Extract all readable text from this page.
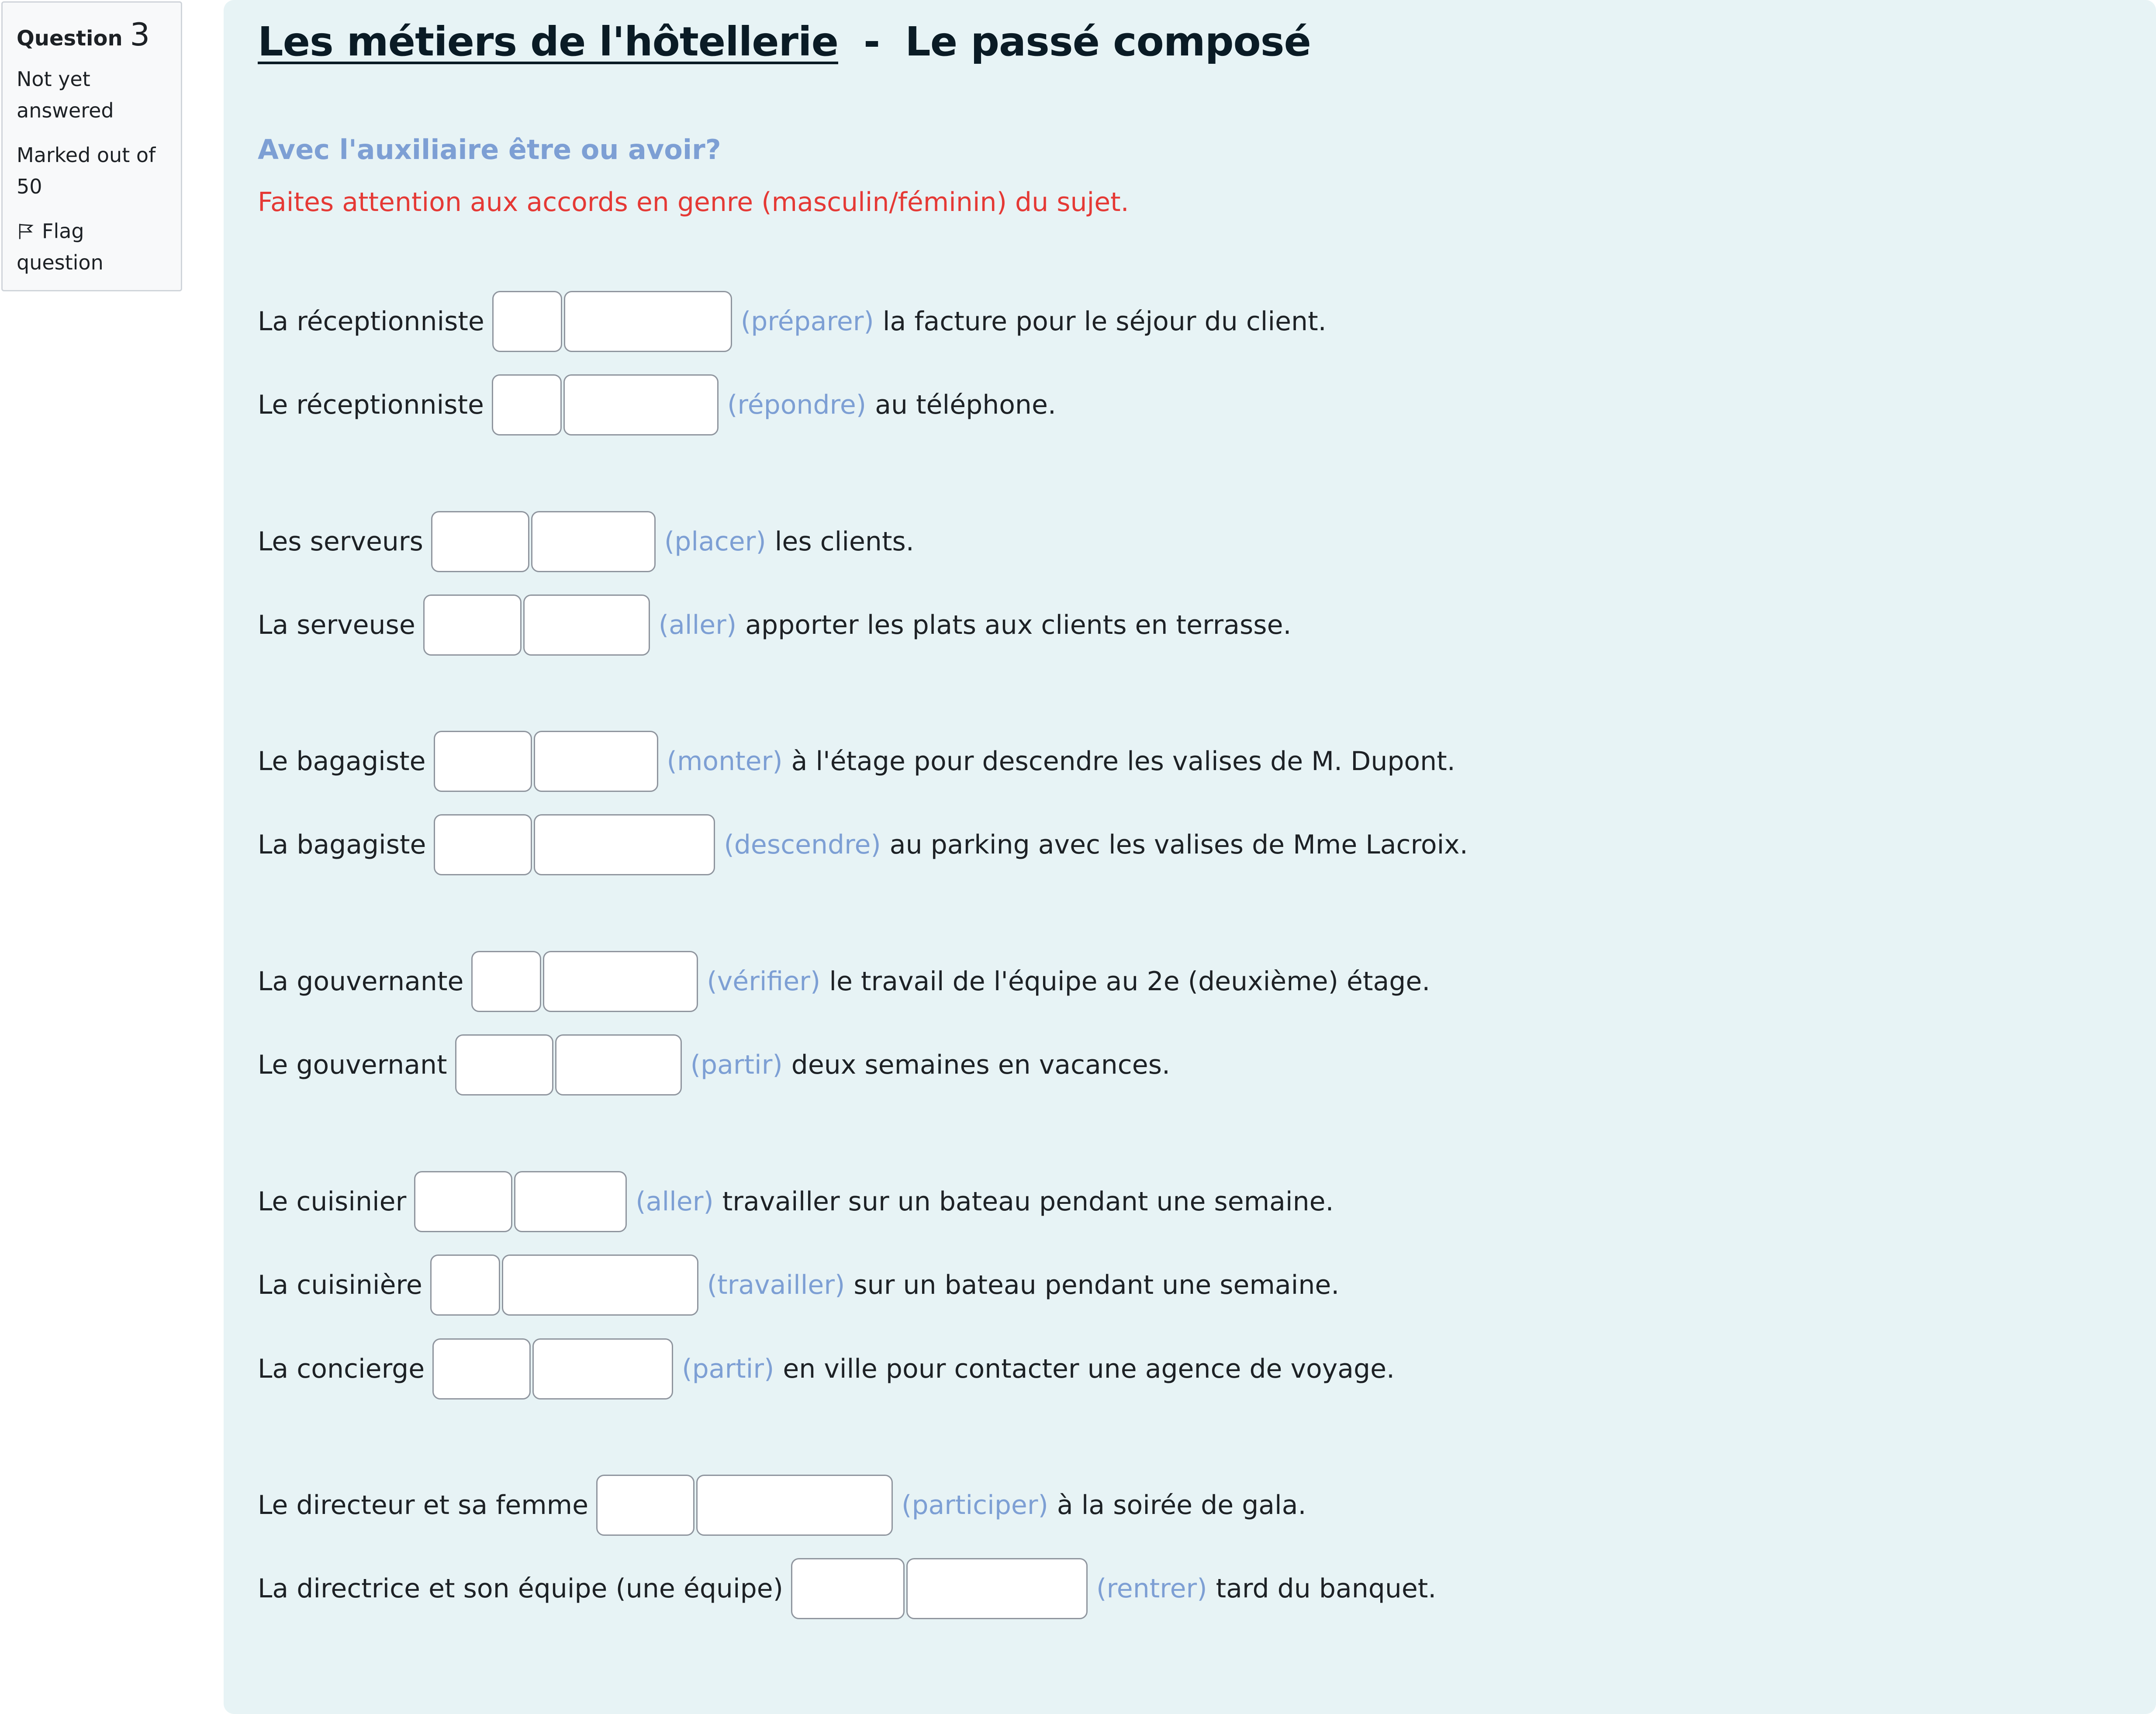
Question 3
Not yet answered
Marked out of 50
Flag question
Les métiers de l'hôtellerie - Le passé composé
Avec l'auxiliaire être ou avoir?
Faites attention aux accords en genre (masculin/féminin) du sujet.
La réceptionniste	(préparer) la facture pour le séjour du client.
Le réceptionniste	(répondre) au téléphone.
Les serveurs	(placer) les clients.
La serveuse	(aller) apporter les plats aux clients en terrasse.
Le bagagiste	(monter) à l'étage pour descendre les valises de M. Dupont.
La bagagiste	(descendre) au parking avec les valises de Mme Lacroix.
La gouvernante	(vérifier) le travail de l'équipe au 2e (deuxième) étage.
Le gouvernant	(partir) deux semaines en vacances.
Le cuisinier	(aller) travailler sur un bateau pendant une semaine.
La cuisinière	(travailler) sur un bateau pendant une semaine.
La concierge	(partir) en ville pour contacter une agence de voyage.
Le directeur et sa femme	(participer) à la soirée de gala.
La directrice et son équipe (une équipe)	(rentrer) tard du banquet.
